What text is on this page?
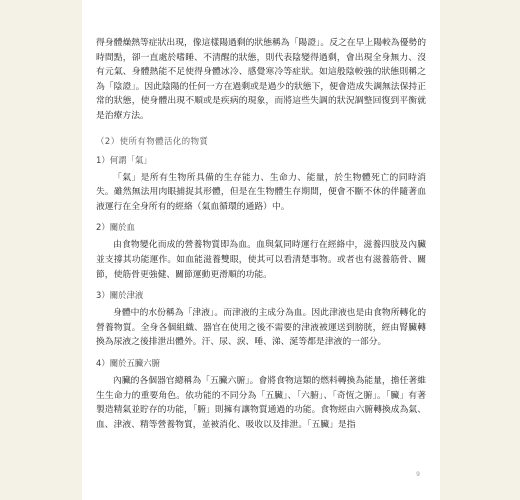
得身體燥熱等症狀出現，像這樣陽過剩的狀態稱為「陽證」。反之在早上陽較為優勢的時間點，卻一直處於嗜睡、不清醒的狀態，則代表陰變得過剩，會出現全身無力、沒有元氣、身體熱能不足使得身體冰冷、感覺寒冷等症狀。如這般陰較強的狀態則稱之為「陰證」。因此陰陽的任何一方在過剩或是過少的狀態下，便會造成失調無法保持正常的狀態，使身體出現不順或是疾病的現象，而將這些失調的狀況調整回復到平衡就是治療方法。

（2）使所有物體活化的物質
1）何謂「氣」

「氣」是所有生物所具備的生存能力、生命力、能量，於生物體死亡的同時消失。雖然無法用肉眼捕捉其形體，但是在生物體生存期間，便會不斷不休的伴隨著血液運行在全身所有的經絡（氣血循環的通路）中。

2）關於血

由食物變化而成的營養物質即為血。血與氣同時運行在經絡中，滋養四肢及內臟並支撐其功能運作。如血能滋養雙眼，使其可以看清楚事物。或者也有滋養筋骨、關節，使筋骨更強健、關節運動更滑順的功能。

3）關於津液

身體中的水份稱為「津液」。而津液的主成分為血。因此津液也是由食物所轉化的營養物質。全身各個組織、器官在使用之後不需要的津液被運送到膀胱，經由腎臟轉換為尿液之後排泄出體外。汗、尿、淚、唾、涕、涎等都是津液的一部分。

4）關於五臟六腑

內臟的各個器官總稱為「五臟六腑」。會將食物這類的燃料轉換為能量，擔任著維生生命力的重要角色。依功能的不同分為「五臟」、「六腑」、「奇恆之腑」。「臟」有著製造精氣並貯存的功能，「腑」則擁有讓物質通過的功能。食物經由六腑轉換成為氣、血、津液、精等營養物質，並被消化、吸收以及排泄。「五臟」是指

9
